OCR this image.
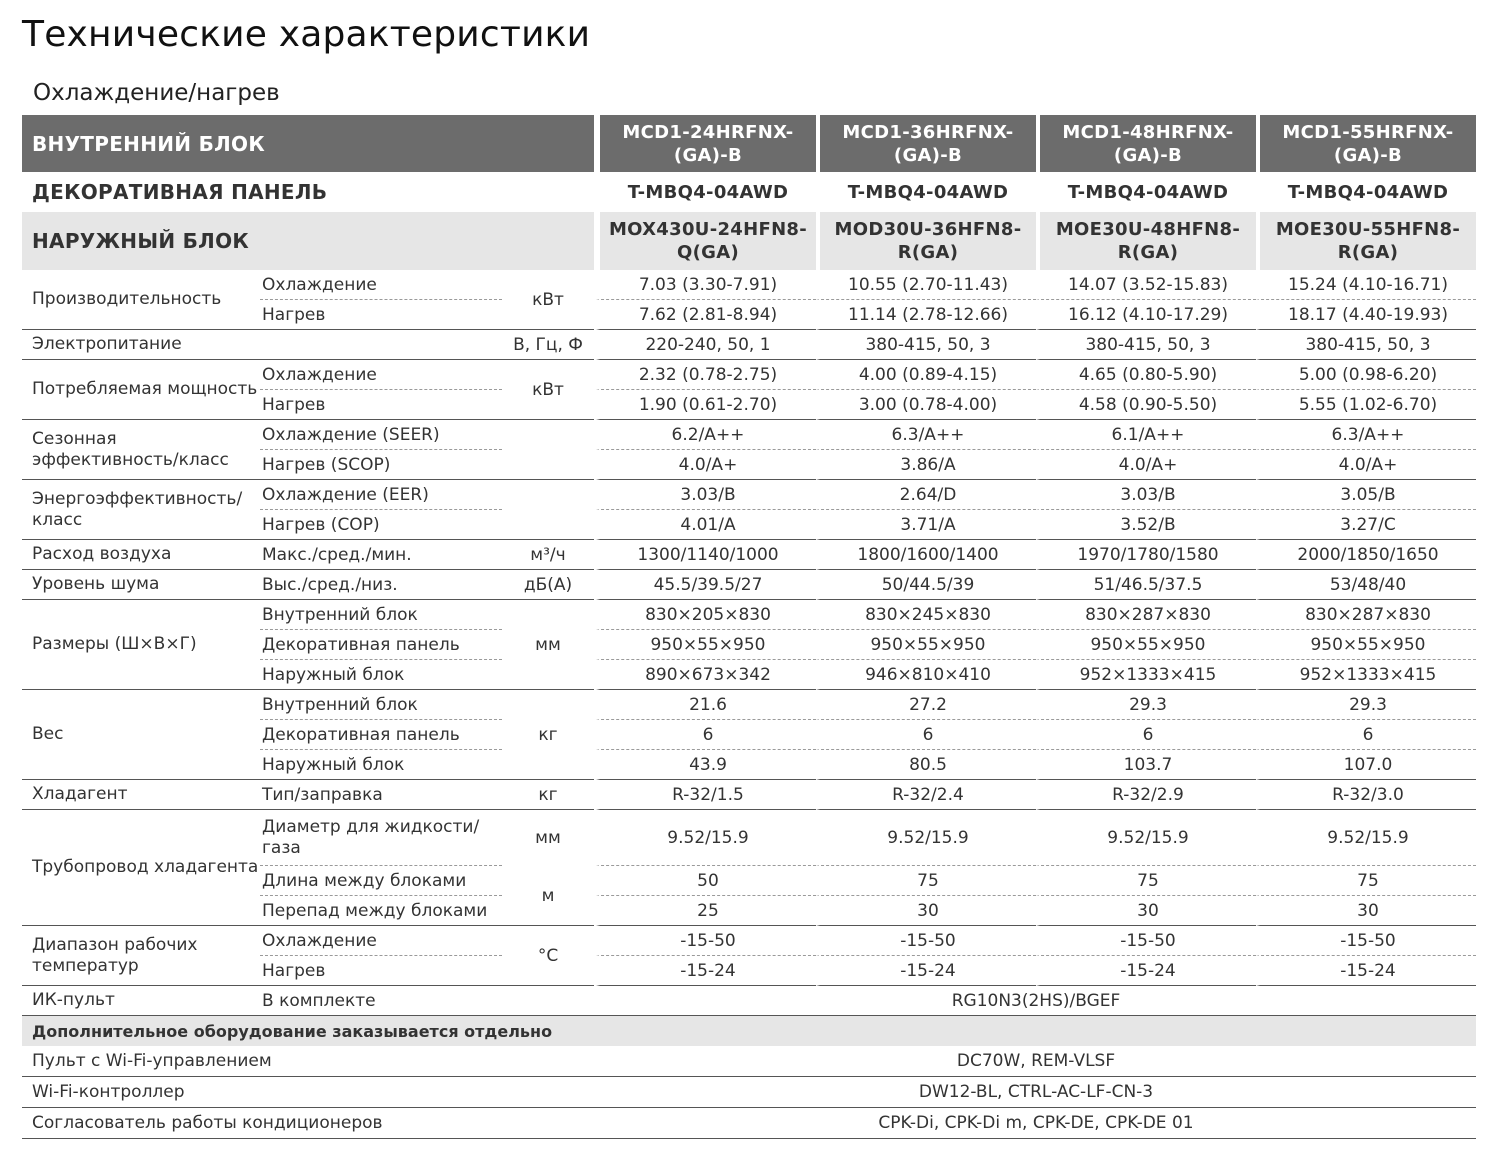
Технические характеристики
Охлаждение/нагрев
ВНУТРЕННИЙ БЛОК				MCD1-24HRFNX-(GA)-B	MCD1-36HRFNX-(GA)-B	MCD1-48HRFNX-(GA)-B	MCD1-55HRFNX-(GA)-B
ДЕКОРАТИВНАЯ ПАНЕЛЬ				T-MBQ4-04AWD	T-MBQ4-04AWD	T-MBQ4-04AWD	T-MBQ4-04AWD
НАРУЖНЫЙ БЛОК				MOX430U-24HFN8-Q(GA)	MOD30U-36HFN8-R(GA)	MOE30U-48HFN8-R(GA)	MOE30U-55HFN8-R(GA)
Производительность	Охлаждение	кВт		7.03 (3.30-7.91)	10.55 (2.70-11.43)	14.07 (3.52-15.83)	15.24 (4.10-16.71)
	Нагрев			7.62 (2.81-8.94)	11.14 (2.78-12.66)	16.12 (4.10-17.29)	18.17 (4.40-19.93)
Электропитание		В, Гц, Ф		220-240, 50, 1	380-415, 50, 3	380-415, 50, 3	380-415, 50, 3
Потребляемая мощность	Охлаждение	кВт		2.32 (0.78-2.75)	4.00 (0.89-4.15)	4.65 (0.80-5.90)	5.00 (0.98-6.20)
	Нагрев			1.90 (0.61-2.70)	3.00 (0.78-4.00)	4.58 (0.90-5.50)	5.55 (1.02-6.70)
Сезонная эффективность/класс	Охлаждение (SEER)			6.2/A++	6.3/A++	6.1/A++	6.3/A++
	Нагрев (SCOP)			4.0/A+	3.86/A	4.0/A+	4.0/A+
Энергоэффективность/ класс	Охлаждение (EER)			3.03/B	2.64/D	3.03/B	3.05/B
	Нагрев (COP)			4.01/A	3.71/A	3.52/B	3.27/C
Расход воздуха	Макс./сред./мин.	м³/ч		1300/1140/1000	1800/1600/1400	1970/1780/1580	2000/1850/1650
Уровень шума	Выс./сред./низ.	дБ(А)		45.5/39.5/27	50/44.5/39	51/46.5/37.5	53/48/40
Размеры (Ш×В×Г)	Внутренний блок	мм		830×205×830	830×245×830	830×287×830	830×287×830
	Декоративная панель			950×55×950	950×55×950	950×55×950	950×55×950
	Наружный блок			890×673×342	946×810×410	952×1333×415	952×1333×415
Вес	Внутренний блок	кг		21.6	27.2	29.3	29.3
	Декоративная панель			6	6	6	6
	Наружный блок			43.9	80.5	103.7	107.0
Хладагент	Тип/заправка	кг		R-32/1.5	R-32/2.4	R-32/2.9	R-32/3.0
Трубопровод хладагента	Диаметр для жидкости/ газа	мм		9.52/15.9	9.52/15.9	9.52/15.9	9.52/15.9
	Длина между блоками	м		50	75	75	75
	Перепад между блоками			25	30	30	30
Диапазон рабочих температур	Охлаждение	°С		-15-50	-15-50	-15-50	-15-50
	Нагрев			-15-24	-15-24	-15-24	-15-24
ИК-пульт	В комплекте			RG10N3(2HS)/BGEF			
Дополнительное оборудование заказывается отдельно							
Пульт с Wi-Fi-управлением				DC70W, REM-VLSF			
Wi-Fi-контроллер				DW12-BL, CTRL-AC-LF-CN-3			
Согласователь работы кондиционеров				CPK-Di, CPK-Di m, CPK-DE, CPK-DE 01			
